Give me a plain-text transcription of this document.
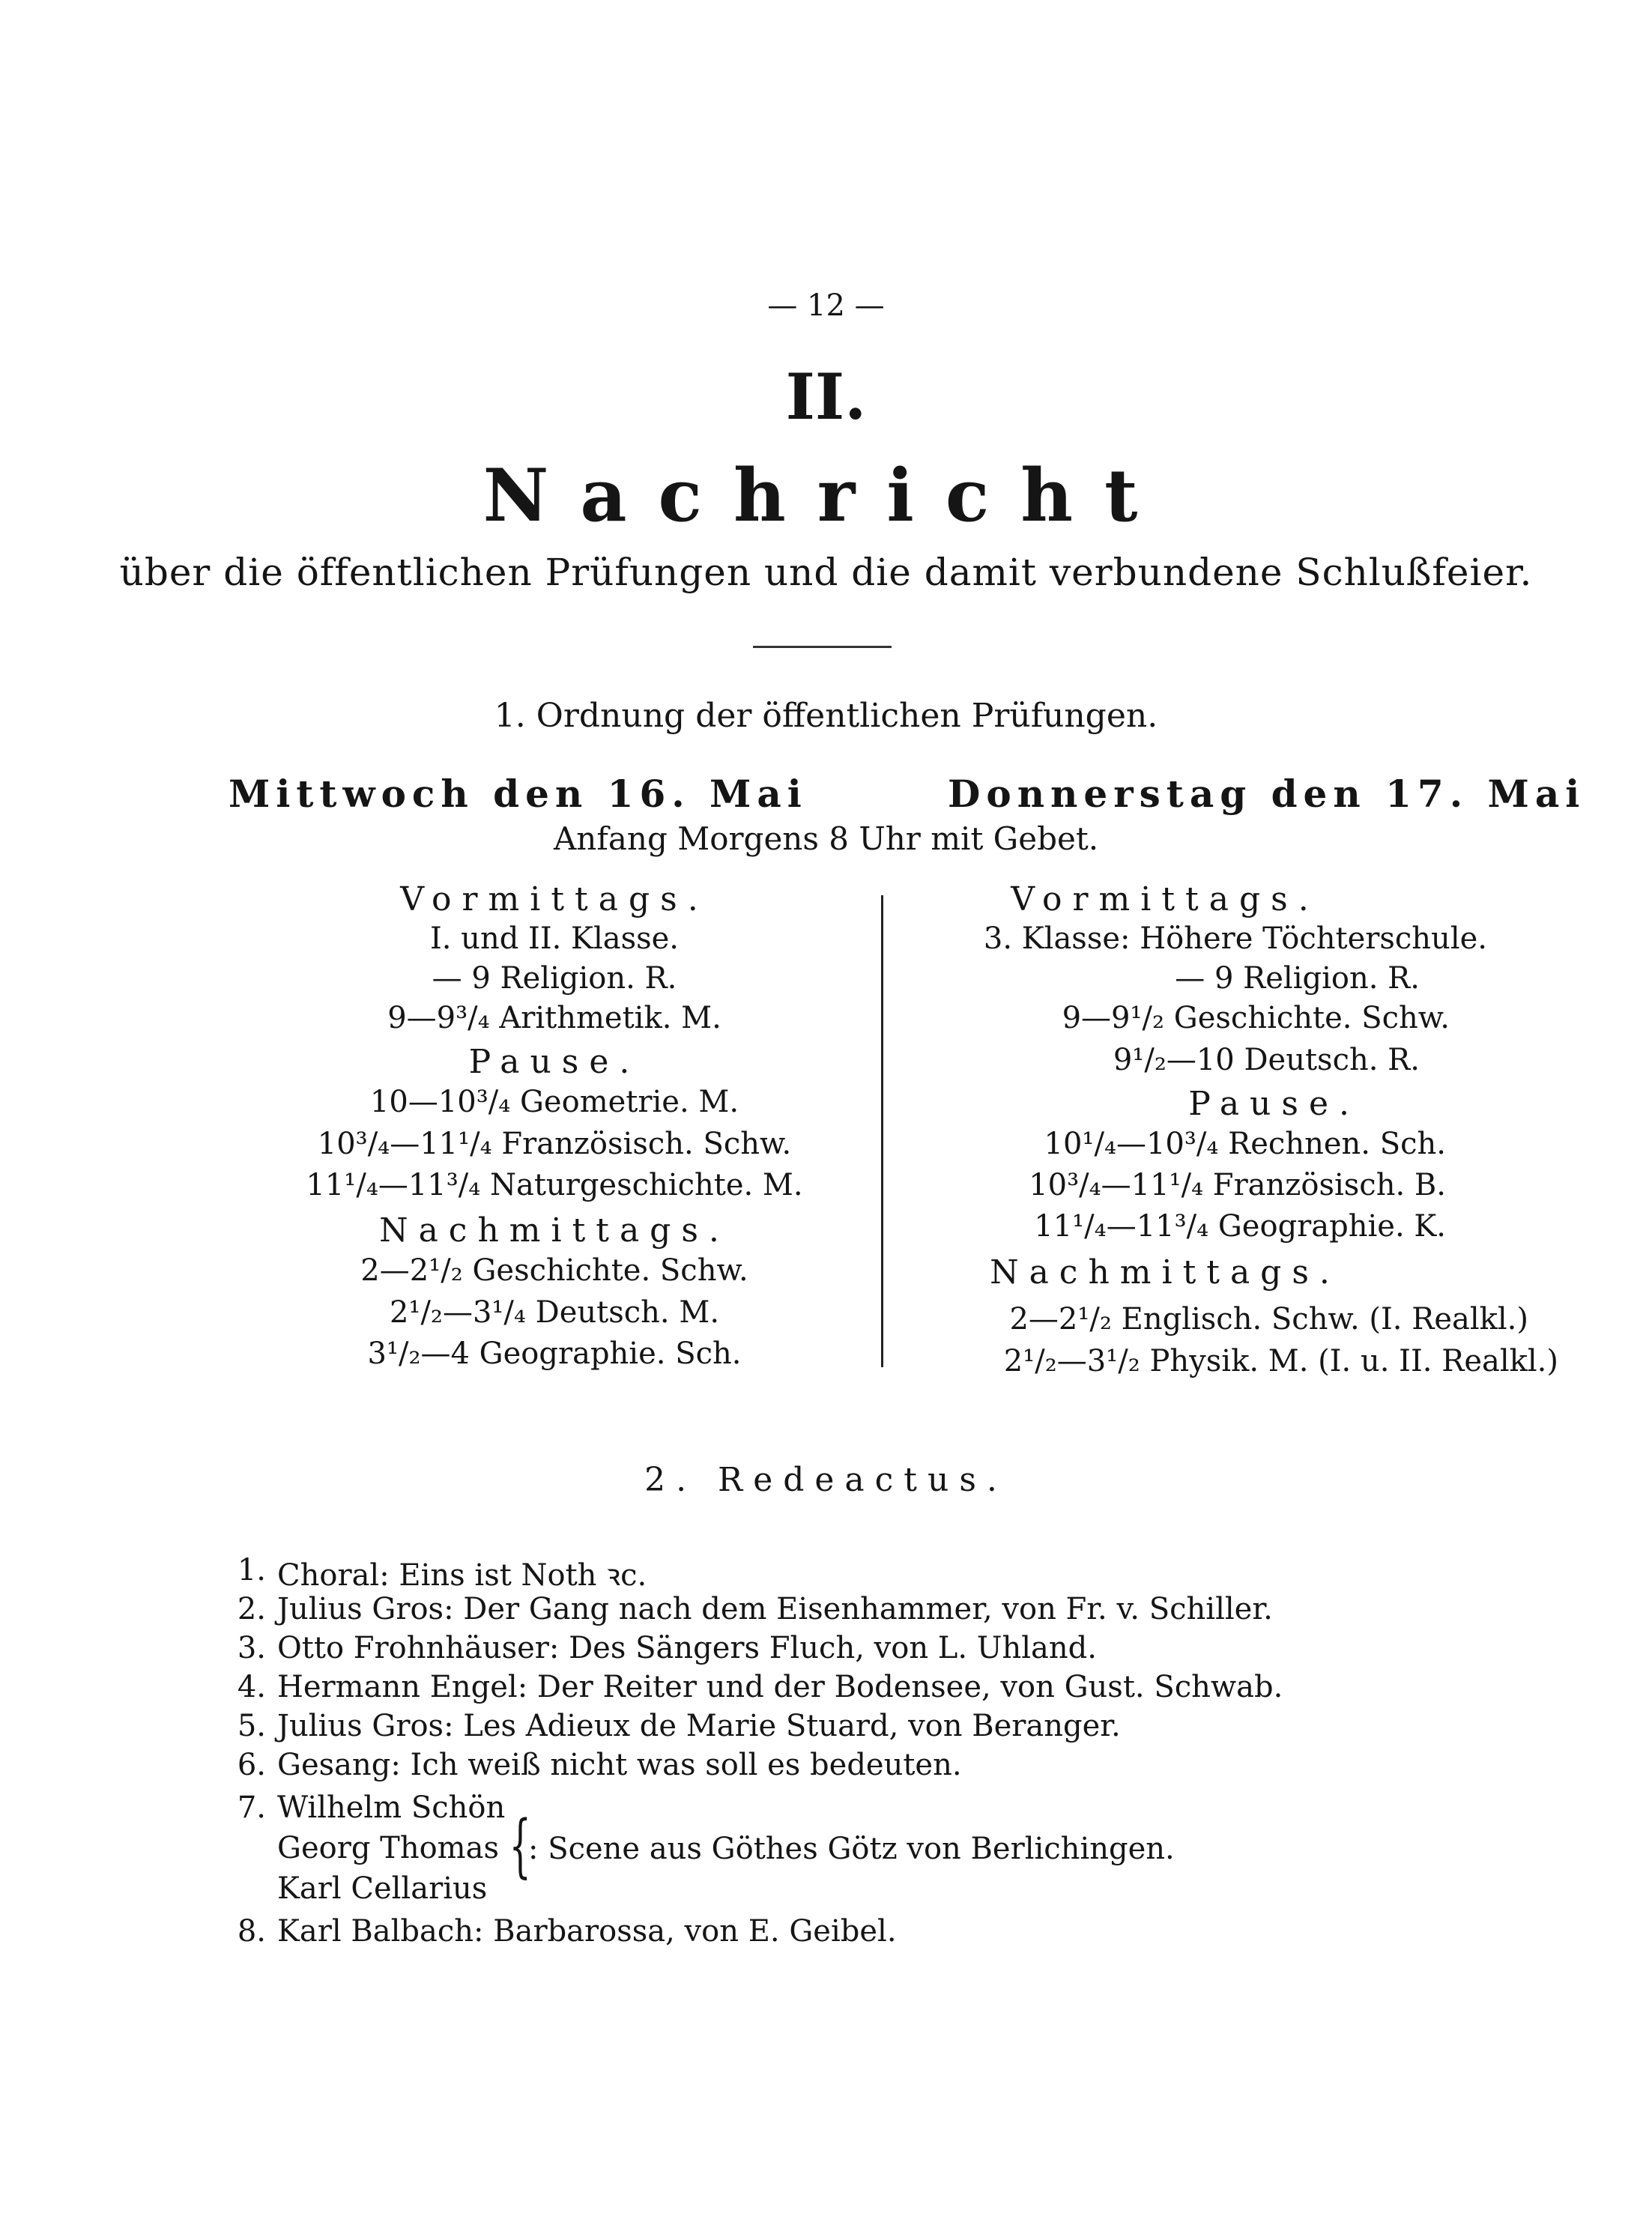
— 12 —
II.
Nachricht
über die öffentlichen Prüfungen und die damit verbundene Schlußfeier.
1. Ordnung der öffentlichen Prüfungen.
Mittwoch den 16. Mai	Donnerstag den 17. Mai
Anfang Morgens 8 Uhr mit Gebet.
Vormittags.
I. und II. Klasse.
— 9 Religion. R.
9—9³/₄ Arithmetik. M.
Pause.
10—10³/₄ Geometrie. M.
10³/₄—11¹/₄ Französisch. Schw.
11¹/₄—11³/₄ Naturgeschichte. M.
Nachmittags.
2—2¹/₂ Geschichte. Schw.
2¹/₂—3¹/₄ Deutsch. M.
3¹/₂—4 Geographie. Sch.
Vormittags.
3. Klasse: Höhere Töchterschule.
— 9 Religion. R.
9—9¹/₂ Geschichte. Schw.
9¹/₂—10 Deutsch. R.
Pause.
10¹/₄—10³/₄ Rechnen. Sch.
10³/₄—11¹/₄ Französisch. B.
11¹/₄—11³/₄ Geographie. K.
Nachmittags.
2—2¹/₂ Englisch. Schw. (I. Realkl.)
2¹/₂—3¹/₂ Physik. M. (I. u. II. Realkl.)
2. Redeactus.
1. Choral: Eins ist Noth ꝛc.
2. Julius Gros: Der Gang nach dem Eisenhammer, von Fr. v. Schiller.
3. Otto Frohnhäuser: Des Sängers Fluch, von L. Uhland.
4. Hermann Engel: Der Reiter und der Bodensee, von Gust. Schwab.
5. Julius Gros: Les Adieux de Marie Stuard, von Beranger.
6. Gesang: Ich weiß nicht was soll es bedeuten.
7. Wilhelm Schön
Georg Thomas
Karl Cellarius
{
: Scene aus Göthes Götz von Berlichingen.
8. Karl Balbach: Barbarossa, von E. Geibel.
